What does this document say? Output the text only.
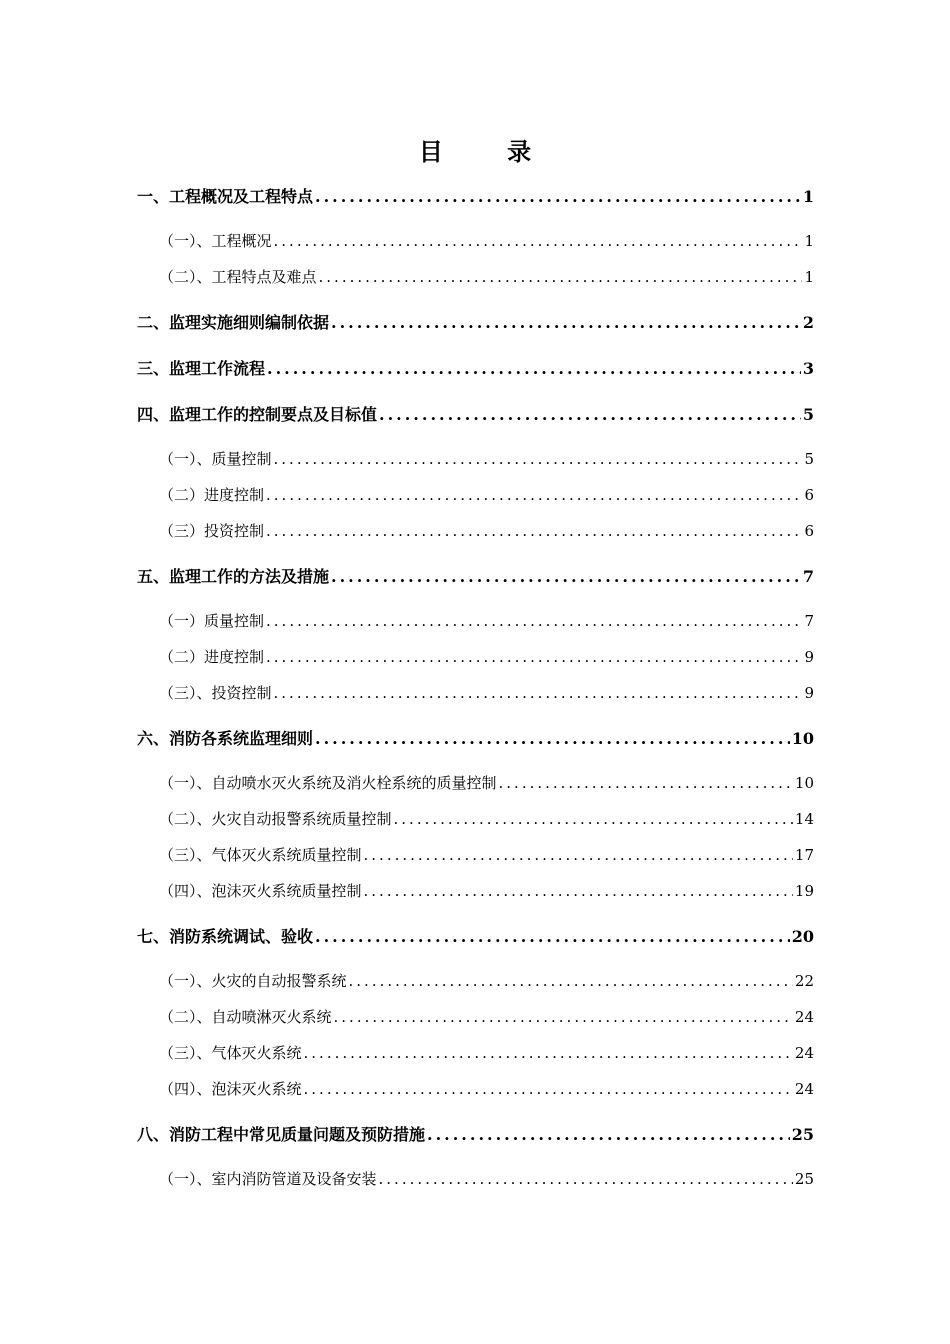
目 录
一、工程概况及工程特点 .....	1
（一）、工程概况 .....	1
（二）、工程特点及难点 .....	1
二、监理实施细则编制依据 .....	2
三、监理工作流程 .....	3
四、监理工作的控制要点及目标值 .....	5
（一）、质量控制 .....	5
（二）进度控制 .....	6
（三）投资控制 .....	6
五、监理工作的方法及措施 .....	7
（一）质量控制 .....	7
（二）进度控制 .....	9
（三）、投资控制 .....	9
六、消防各系统监理细则 .....	10
（一）、自动喷水灭火系统及消火栓系统的质量控制 .....	10
（二）、火灾自动报警系统质量控制 .....	14
（三）、气体灭火系统质量控制 .....	17
（四）、泡沫灭火系统质量控制 .....	19
七、消防系统调试、验收 .....	20
（一）、火灾的自动报警系统 .....	22
（二）、自动喷淋灭火系统 .....	24
（三）、气体灭火系统 .....	24
（四）、泡沫灭火系统 .....	24
八、消防工程中常见质量问题及预防措施 .....	25
（一）、室内消防管道及设备安装 .....	25
